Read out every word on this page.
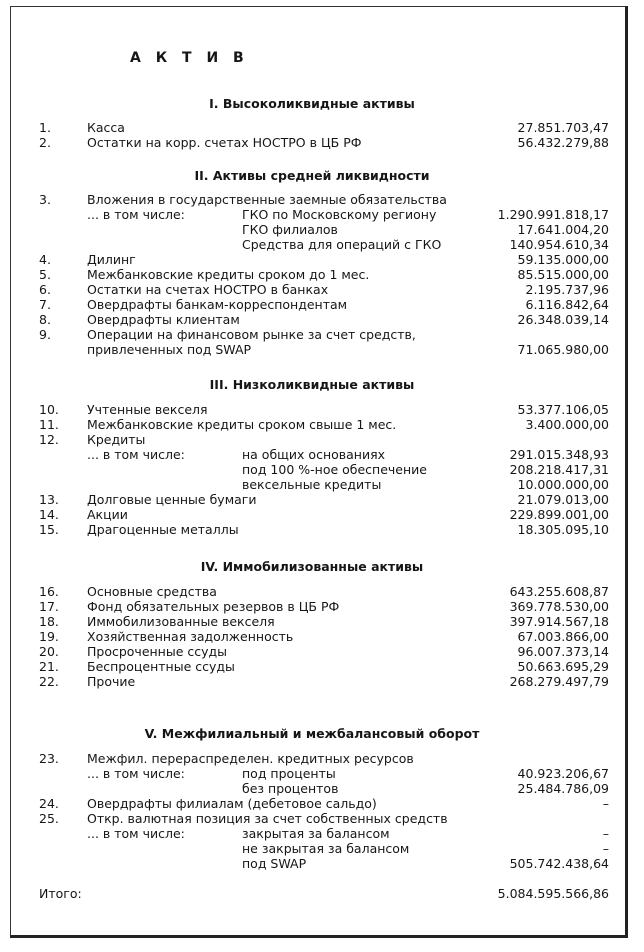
А К Т И В
I. Высоколиквидные активы
1.	Касса	27.851.703,47
2.	Остатки на корр. счетах НОСТРО в ЦБ РФ	56.432.279,88
II. Активы средней ликвидности
3.	Вложения в государственные заемные обязательства
... в том числе:	ГКО по Московскому региону	1.290.991.818,17
ГКО филиалов	17.641.004,20
Средства для операций с ГКО	140.954.610,34
4.	Дилинг	59.135.000,00
5.	Межбанковские кредиты сроком до 1 мес.	85.515.000,00
6.	Остатки на счетах НОСТРО в банках	2.195.737,96
7.	Овердрафты банкам-корреспондентам	6.116.842,64
8.	Овердрафты клиентам	26.348.039,14
9.	Операции на финансовом рынке за счет средств,
привлеченных под SWAP	71.065.980,00
III. Низколиквидные активы
10. Учтенные векселя	53.377.106,05
11. Межбанковские кредиты сроком свыше 1 мес.	3.400.000,00
12. Кредиты
... в том числе:	на общих основаниях	291.015.348,93
под 100 %-ное обеспечение	208.218.417,31
вексельные кредиты	10.000.000,00
13. Долговые ценные бумаги	21.079.013,00
14. Акции	229.899.001,00
15. Драгоценные металлы	18.305.095,10
IV. Иммобилизованные активы
16. Основные средства	643.255.608,87
17. Фонд обязательных резервов в ЦБ РФ	369.778.530,00
18. Иммобилизованные векселя	397.914.567,18
19. Хозяйственная задолженность	67.003.866,00
20. Просроченные ссуды	96.007.373,14
21. Беспроцентные ссуды	50.663.695,29
22. Прочие	268.279.497,79
V. Межфилиальный и межбалансовый оборот
23. Межфил. перераспределен. кредитных ресурсов
... в том числе:	под проценты	40.923.206,67
без процентов	25.484.786,09
24. Овердрафты филиалам (дебетовое сальдо)	–
25. Откр. валютная позиция за счет собственных средств
... в том числе:	закрытая за балансом	–
не закрытая за балансом	–
под SWAP	505.742.438,64
Итого:	5.084.595.566,86
